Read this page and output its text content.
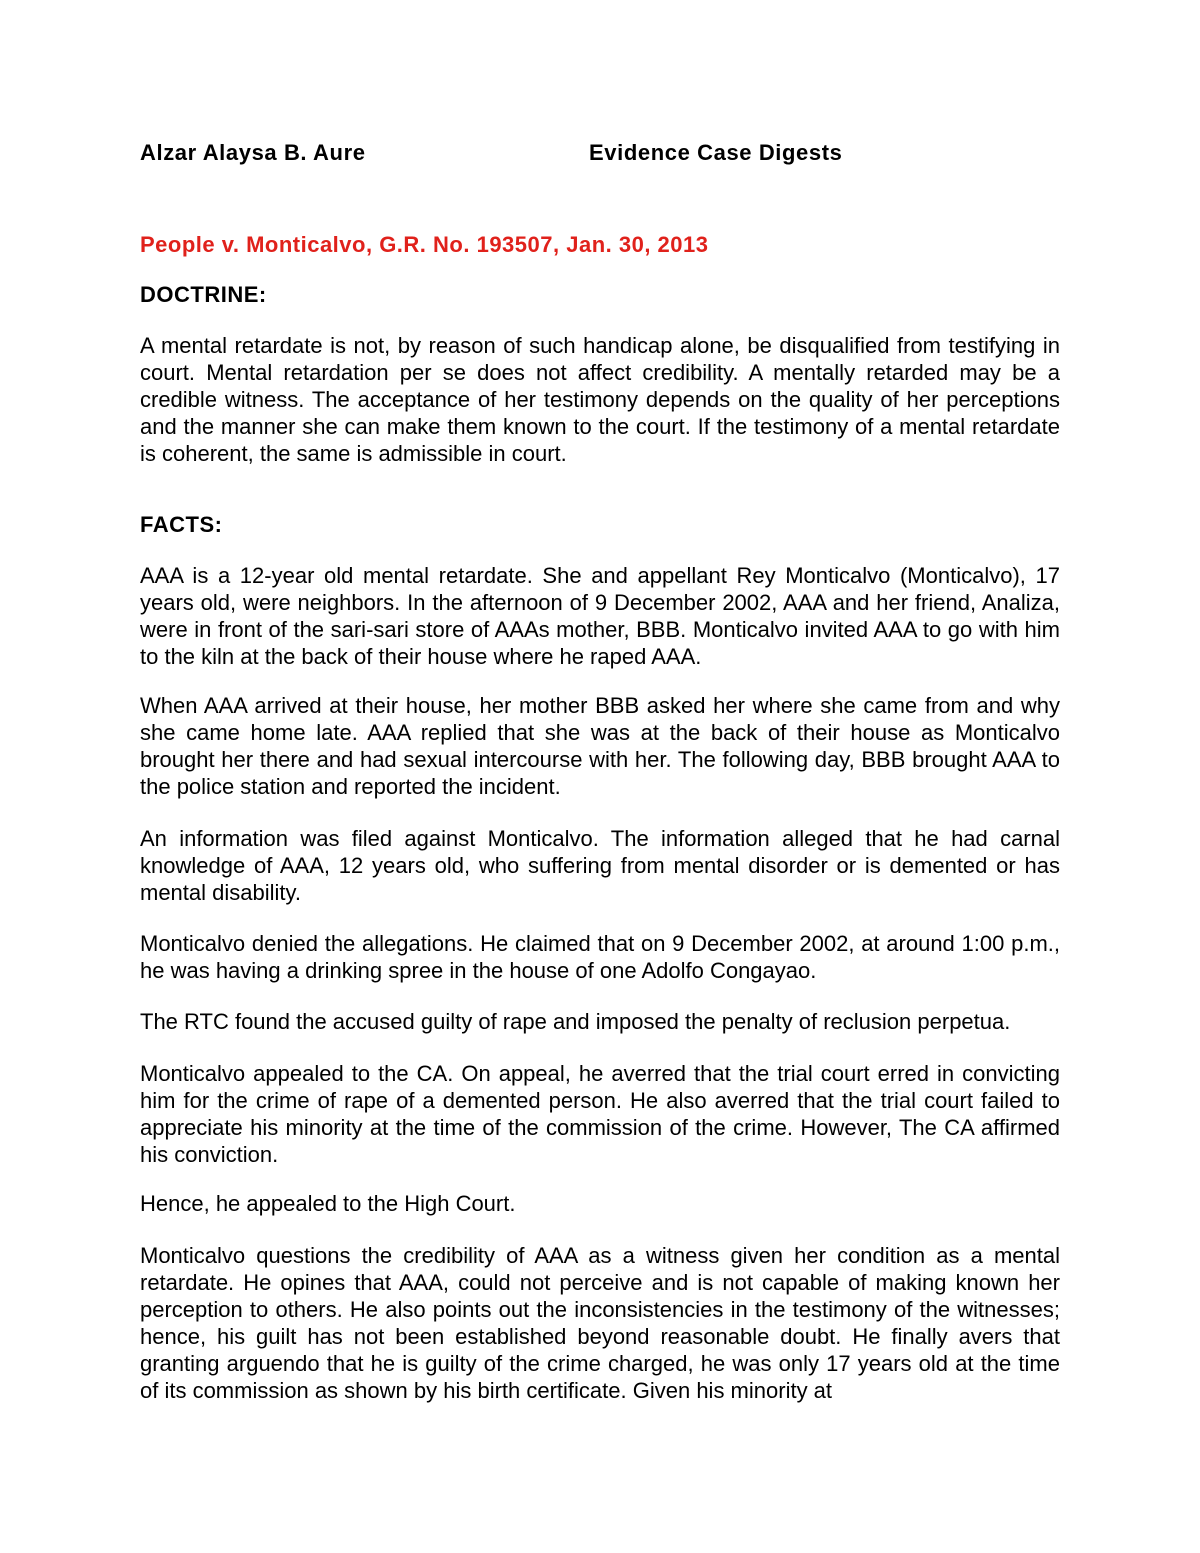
Alzar Alaysa B. Aure	Evidence Case Digests
People v. Monticalvo, G.R. No. 193507, Jan. 30, 2013
DOCTRINE:

A mental retardate is not, by reason of such handicap alone, be disqualified from testifying in court. Mental retardation per se does not affect credibility. A mentally retarded may be a credible witness. The acceptance of her testimony depends on the quality of her perceptions and the manner she can make them known to the court. If the testimony of a mental retardate is coherent, the same is admissible in court.

FACTS:

AAA is a 12-year old mental retardate. She and appellant Rey Monticalvo (Monticalvo), 17 years old, were neighbors. In the afternoon of 9 December 2002, AAA and her friend, Analiza, were in front of the sari-sari store of AAAs mother, BBB. Monticalvo invited AAA to go with him to the kiln at the back of their house where he raped AAA.

When AAA arrived at their house, her mother BBB asked her where she came from and why she came home late. AAA replied that she was at the back of their house as Monticalvo brought her there and had sexual intercourse with her. The following day, BBB brought AAA to the police station and reported the incident.

An information was filed against Monticalvo. The information alleged that he had carnal knowledge of AAA, 12 years old, who suffering from mental disorder or is demented or has mental disability.

Monticalvo denied the allegations. He claimed that on 9 December 2002, at around 1:00 p.m., he was having a drinking spree in the house of one Adolfo Congayao.

The RTC found the accused guilty of rape and imposed the penalty of reclusion perpetua.

Monticalvo appealed to the CA. On appeal, he averred that the trial court erred in convicting him for the crime of rape of a demented person. He also averred that the trial court failed to appreciate his minority at the time of the commission of the crime. However, The CA affirmed his conviction.

Hence, he appealed to the High Court.

Monticalvo questions the credibility of AAA as a witness given her condition as a mental retardate. He opines that AAA, could not perceive and is not capable of making known her perception to others. He also points out the inconsistencies in the testimony of the witnesses; hence, his guilt has not been established beyond reasonable doubt. He finally avers that granting arguendo that he is guilty of the crime charged, he was only 17 years old at the time of its commission as shown by his birth certificate. Given his minority at
